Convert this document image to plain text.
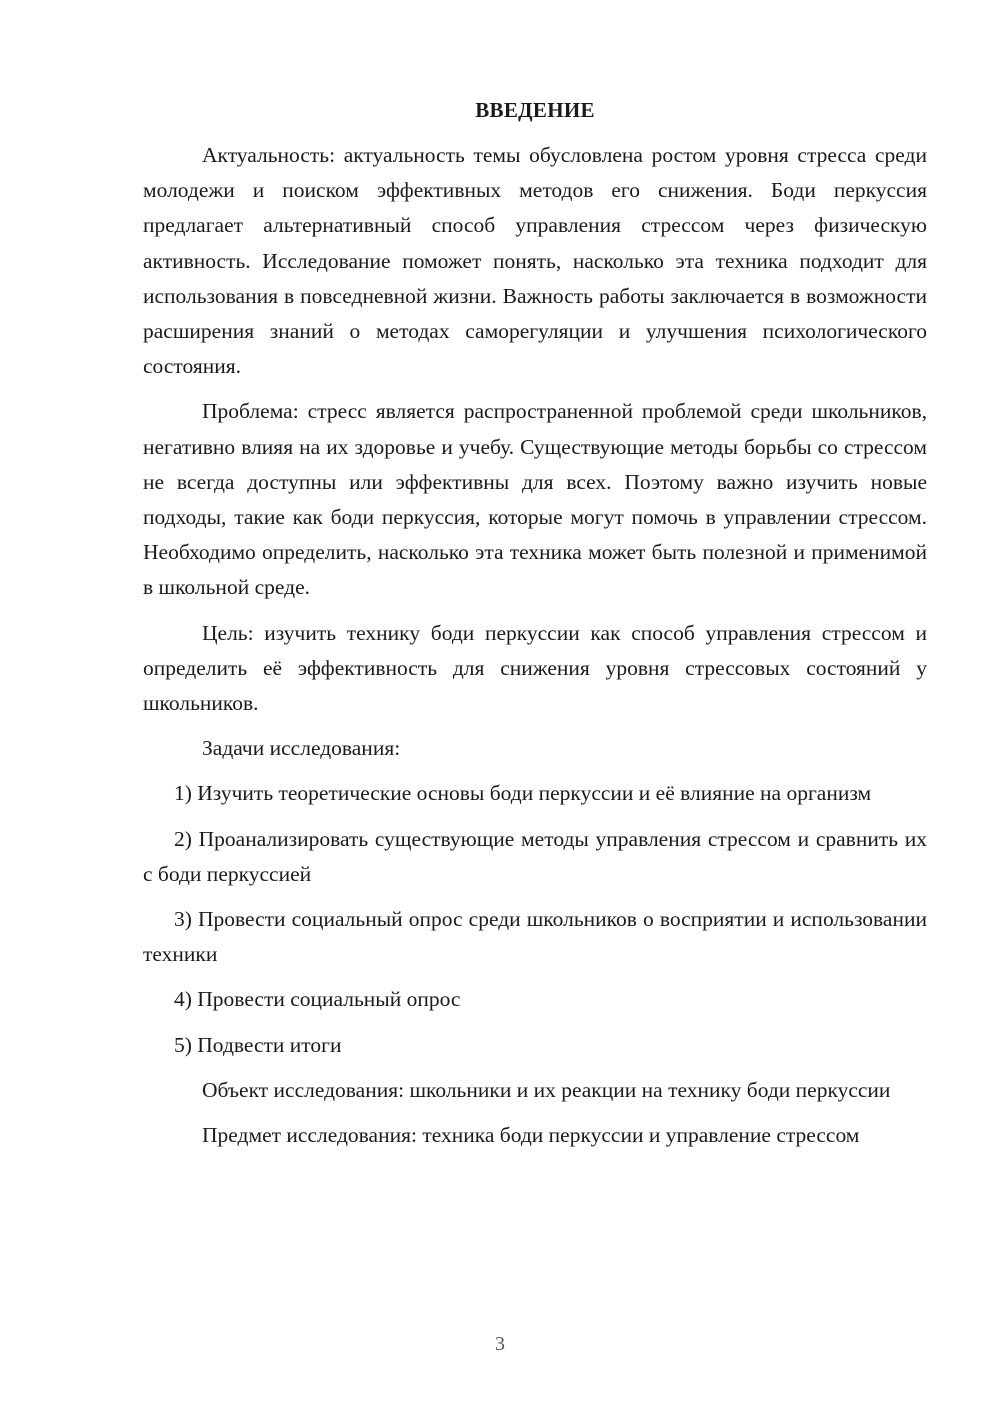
ВВЕДЕНИЕ

Актуальность: актуальность темы обусловлена ростом уровня стресса среди молодежи и поиском эффективных методов его снижения. Боди перкуссия предлагает альтернативный способ управления стрессом через физическую активность. Исследование поможет понять, насколько эта техника подходит для использования в повседневной жизни. Важность работы заключается в возможности расширения знаний о методах саморегуляции и улучшения психологического состояния.

Проблема: стресс является распространенной проблемой среди школьников, негативно влияя на их здоровье и учебу. Существующие методы борьбы со стрессом не всегда доступны или эффективны для всех. Поэтому важно изучить новые подходы, такие как боди перкуссия, которые могут помочь в управлении стрессом. Необходимо определить, насколько эта техника может быть полезной и применимой в школьной среде.

Цель: изучить технику боди перкуссии как способ управления стрессом и определить её эффективность для снижения уровня стрессовых состояний у школьников.

Задачи исследования:

1) Изучить теоретические основы боди перкуссии и её влияние на организм

2) Проанализировать существующие методы управления стрессом и сравнить их с боди перкуссией

3) Провести социальный опрос среди школьников о восприятии и использовании техники

4) Провести социальный опрос

5) Подвести итоги

Объект исследования: школьники и их реакции на технику боди перкуссии

Предмет исследования: техника боди перкуссии и управление стрессом

3
